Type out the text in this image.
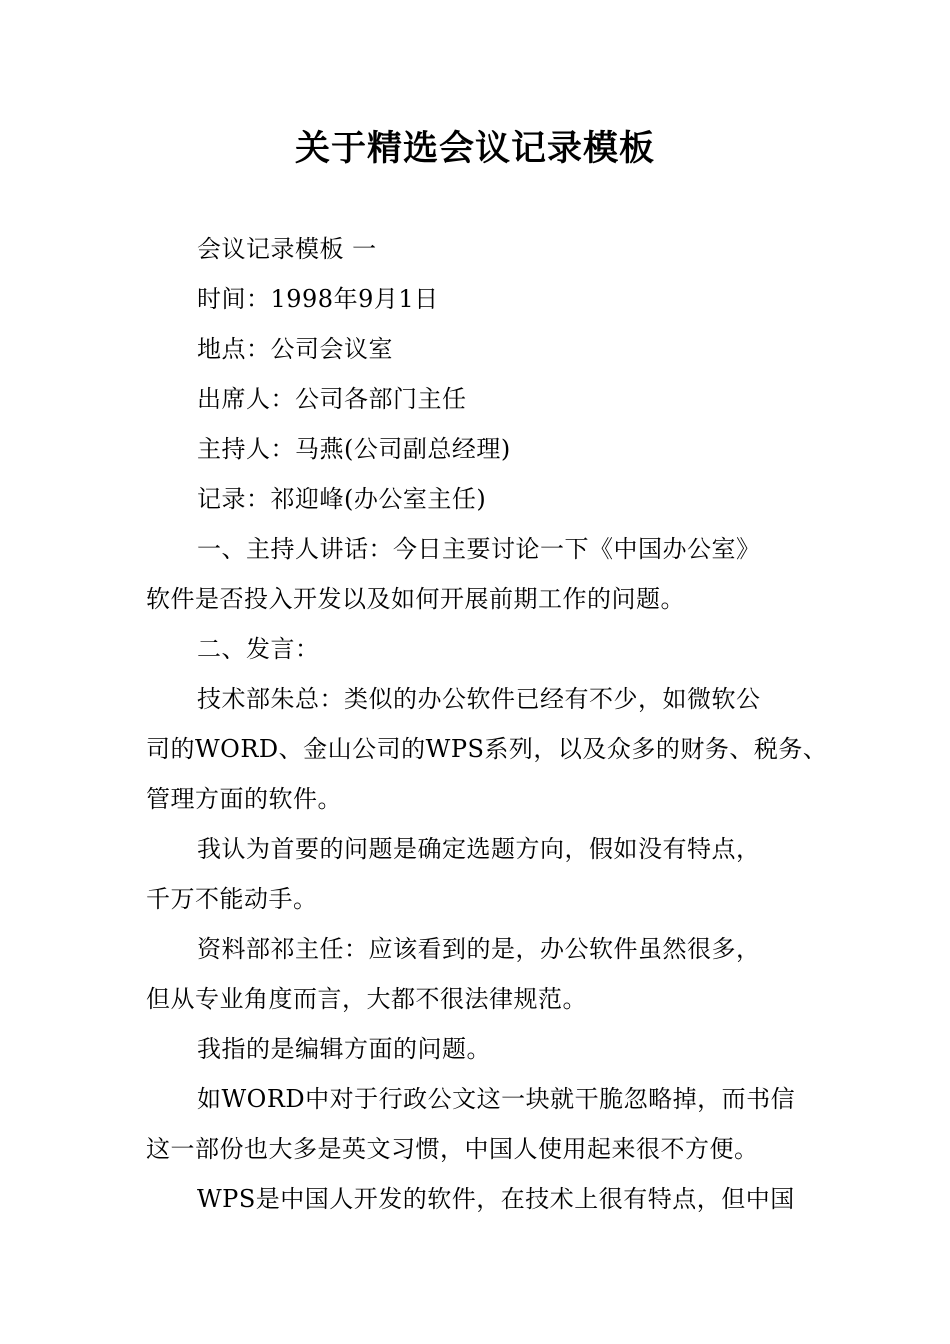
关于精选会议记录模板

会议记录模板 一

时间：1998年9月1日

地点：公司会议室

出席人：公司各部门主任

主持人：马燕(公司副总经理)

记录：祁迎峰(办公室主任)

一、主持人讲话：今日主要讨论一下《中国办公室》

软件是否投入开发以及如何开展前期工作的问题。

二、发言：

技术部朱总：类似的办公软件已经有不少，如微软公

司的WORD、金山公司的WPS系列，以及众多的财务、税务、

管理方面的软件。

我认为首要的问题是确定选题方向，假如没有特点，

千万不能动手。

资料部祁主任：应该看到的是，办公软件虽然很多，

但从专业角度而言，大都不很法律规范。

我指的是编辑方面的问题。

如WORD中对于行政公文这一块就干脆忽略掉，而书信

这一部份也大多是英文习惯，中国人使用起来很不方便。

WPS是中国人开发的软件，在技术上很有特点，但中国
